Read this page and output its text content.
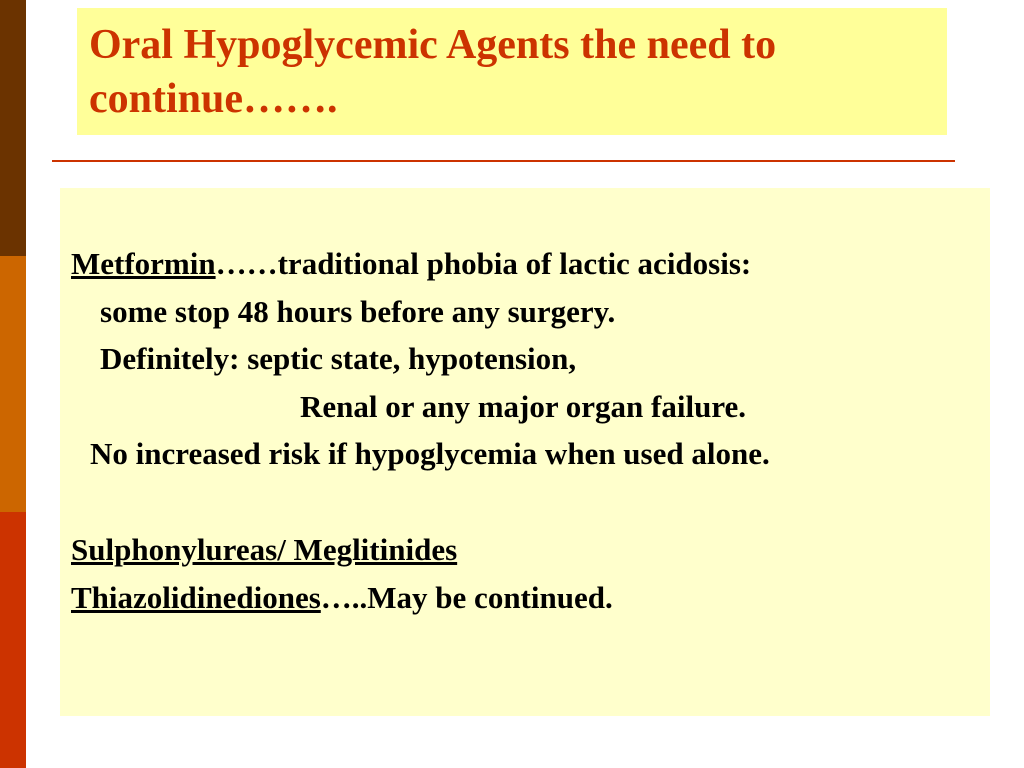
Oral Hypoglycemic Agents the need to continue…….
Metformin……traditional phobia of lactic acidosis:
some stop 48 hours before any surgery.
Definitely: septic state, hypotension,
Renal or any major organ failure.
No increased risk if hypoglycemia when used alone.
Sulphonylureas/ Meglitinides
Thiazolidinediones…..May be continued.
